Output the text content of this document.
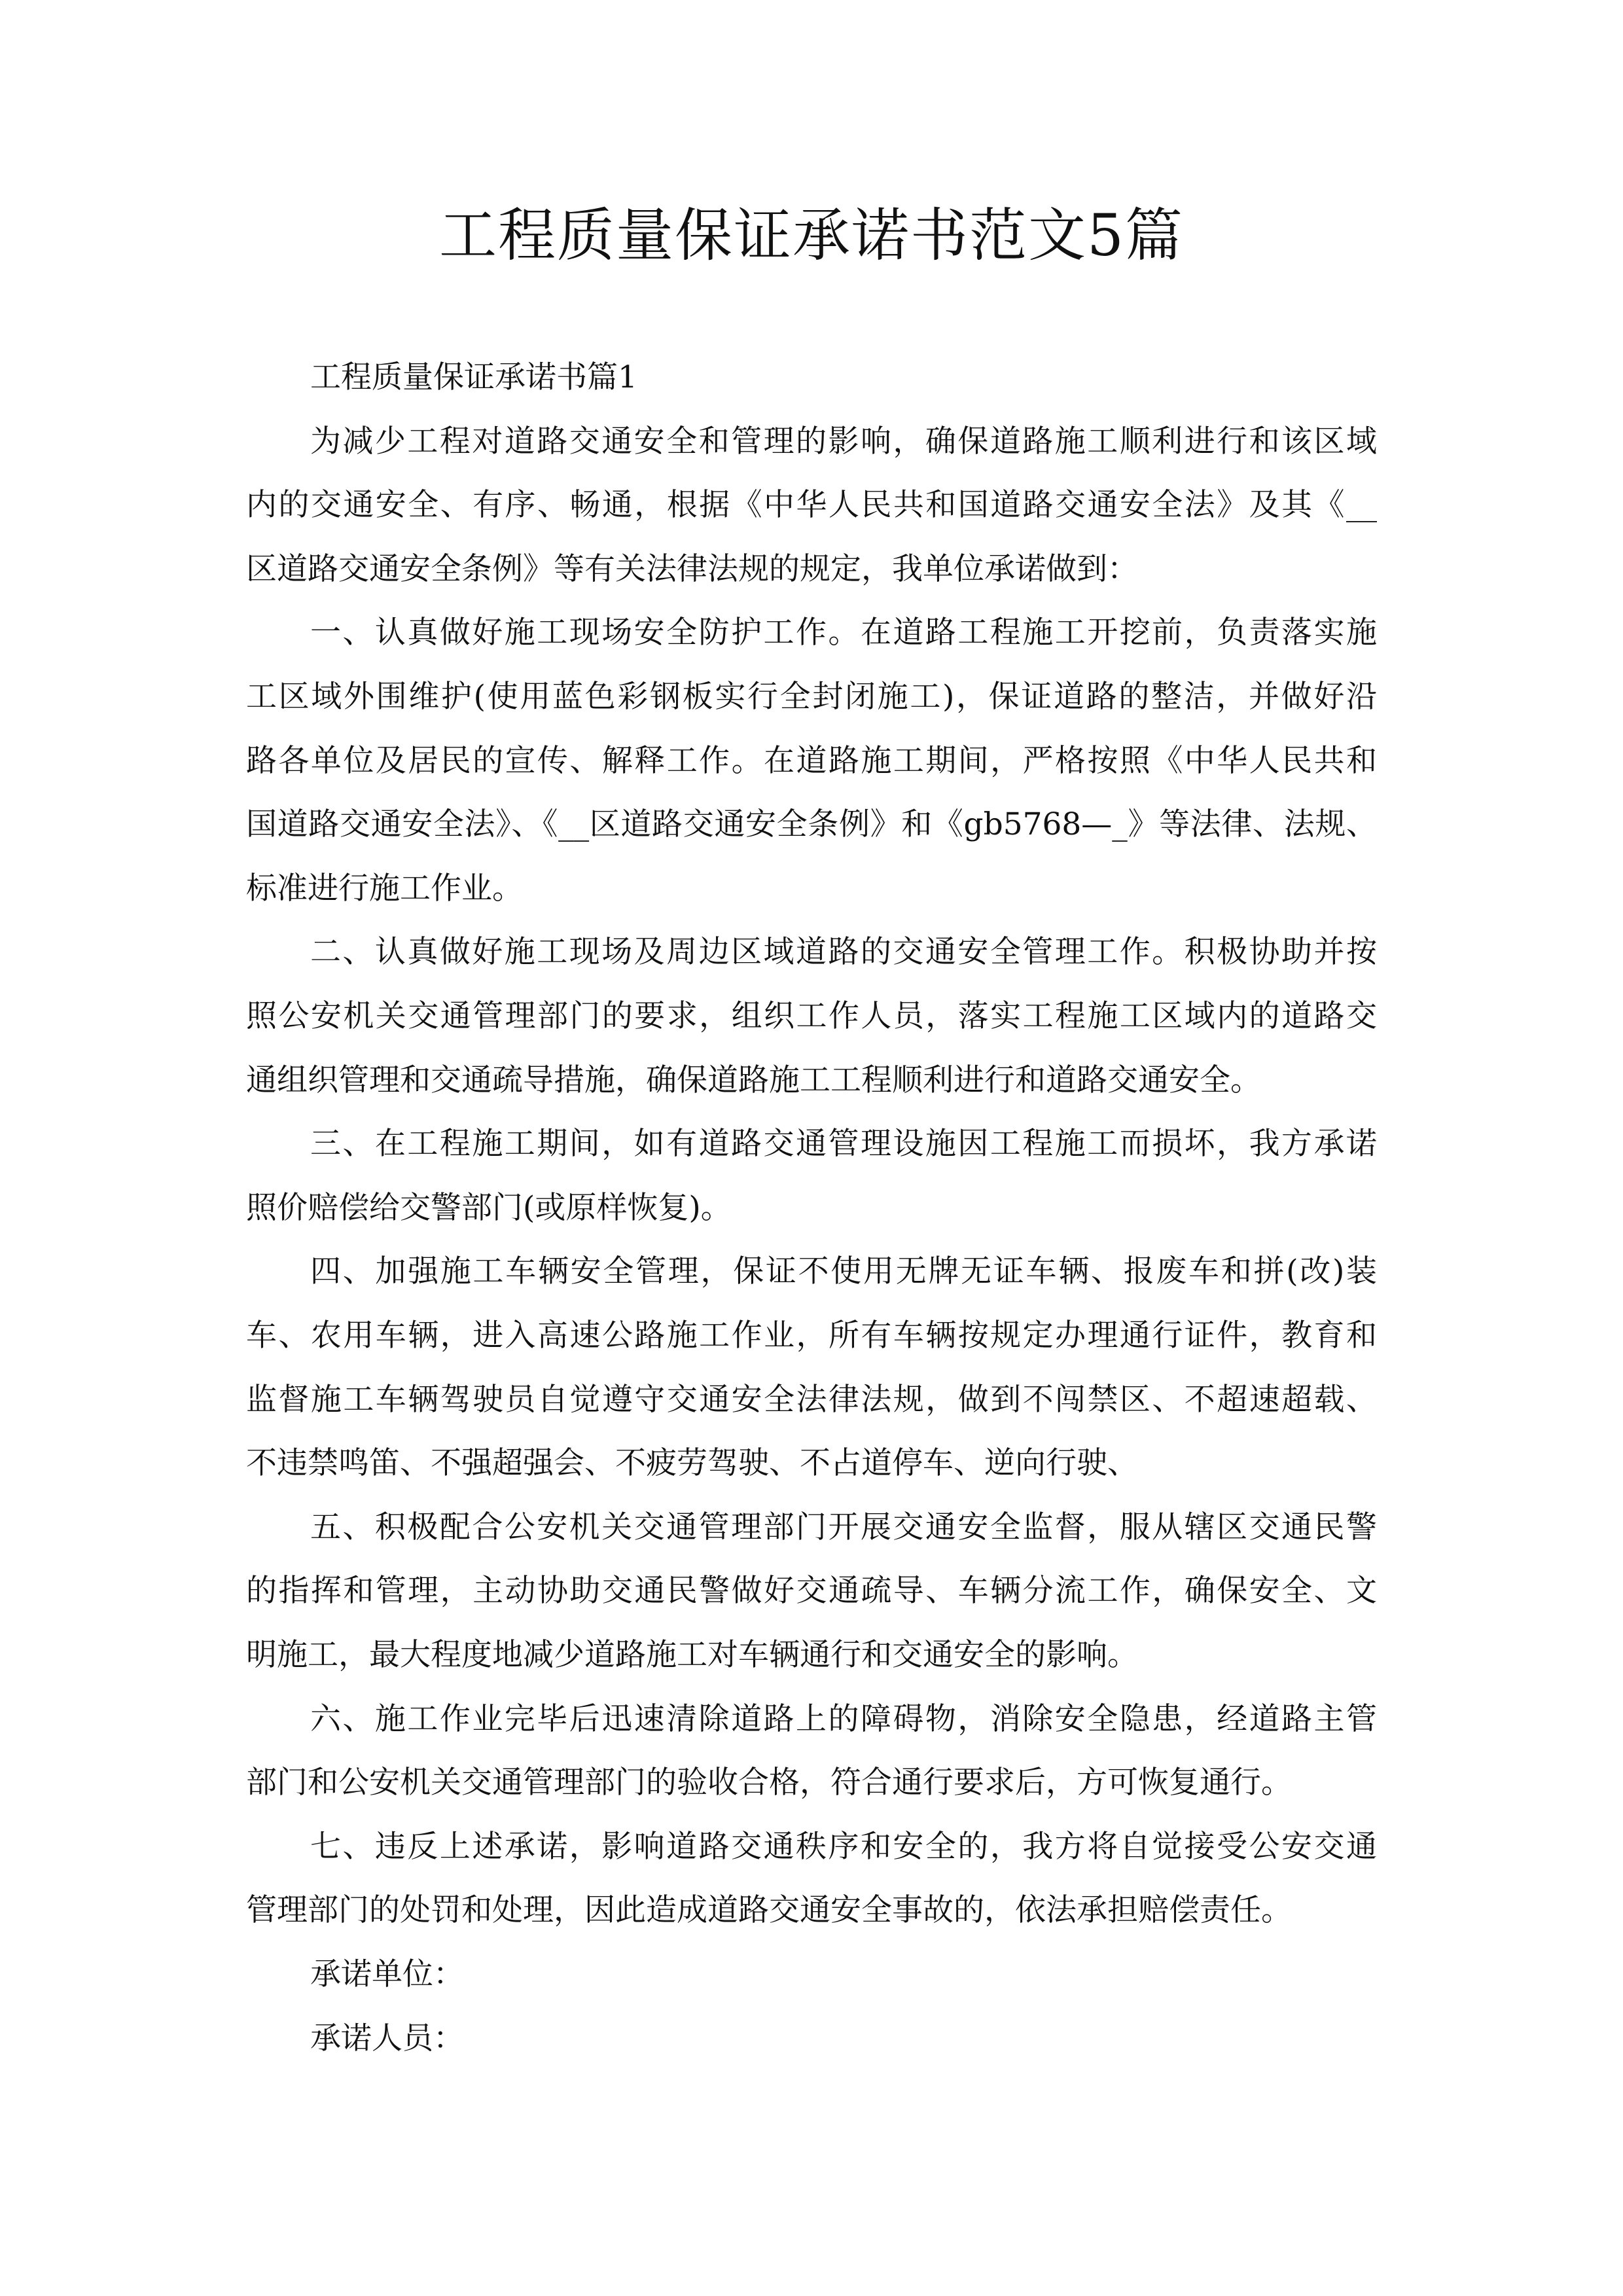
工程质量保证承诺书范文5篇
工程质量保证承诺书篇1
为减少工程对道路交通安全和管理的影响，确保道路施工顺利进行和该区域
内的交通安全、有序、畅通，根据《中华人民共和国道路交通安全法》及其《__
区道路交通安全条例》等有关法律法规的规定，我单位承诺做到：
一、认真做好施工现场安全防护工作。在道路工程施工开挖前，负责落实施
工区域外围维护(使用蓝色彩钢板实行全封闭施工)，保证道路的整洁，并做好沿
路各单位及居民的宣传、解释工作。在道路施工期间，严格按照《中华人民共和
国道路交通安全法》、《__区道路交通安全条例》和《gb5768—_》等法律、法规、
标准进行施工作业。
二、认真做好施工现场及周边区域道路的交通安全管理工作。积极协助并按
照公安机关交通管理部门的要求，组织工作人员，落实工程施工区域内的道路交
通组织管理和交通疏导措施，确保道路施工工程顺利进行和道路交通安全。
三、在工程施工期间，如有道路交通管理设施因工程施工而损坏，我方承诺
照价赔偿给交警部门(或原样恢复)。
四、加强施工车辆安全管理，保证不使用无牌无证车辆、报废车和拼(改)装
车、农用车辆，进入高速公路施工作业，所有车辆按规定办理通行证件，教育和
监督施工车辆驾驶员自觉遵守交通安全法律法规，做到不闯禁区、不超速超载、
不违禁鸣笛、不强超强会、不疲劳驾驶、不占道停车、逆向行驶、
五、积极配合公安机关交通管理部门开展交通安全监督，服从辖区交通民警
的指挥和管理，主动协助交通民警做好交通疏导、车辆分流工作，确保安全、文
明施工，最大程度地减少道路施工对车辆通行和交通安全的影响。
六、施工作业完毕后迅速清除道路上的障碍物，消除安全隐患，经道路主管
部门和公安机关交通管理部门的验收合格，符合通行要求后，方可恢复通行。
七、违反上述承诺，影响道路交通秩序和安全的，我方将自觉接受公安交通
管理部门的处罚和处理，因此造成道路交通安全事故的，依法承担赔偿责任。
承诺单位：
承诺人员：
